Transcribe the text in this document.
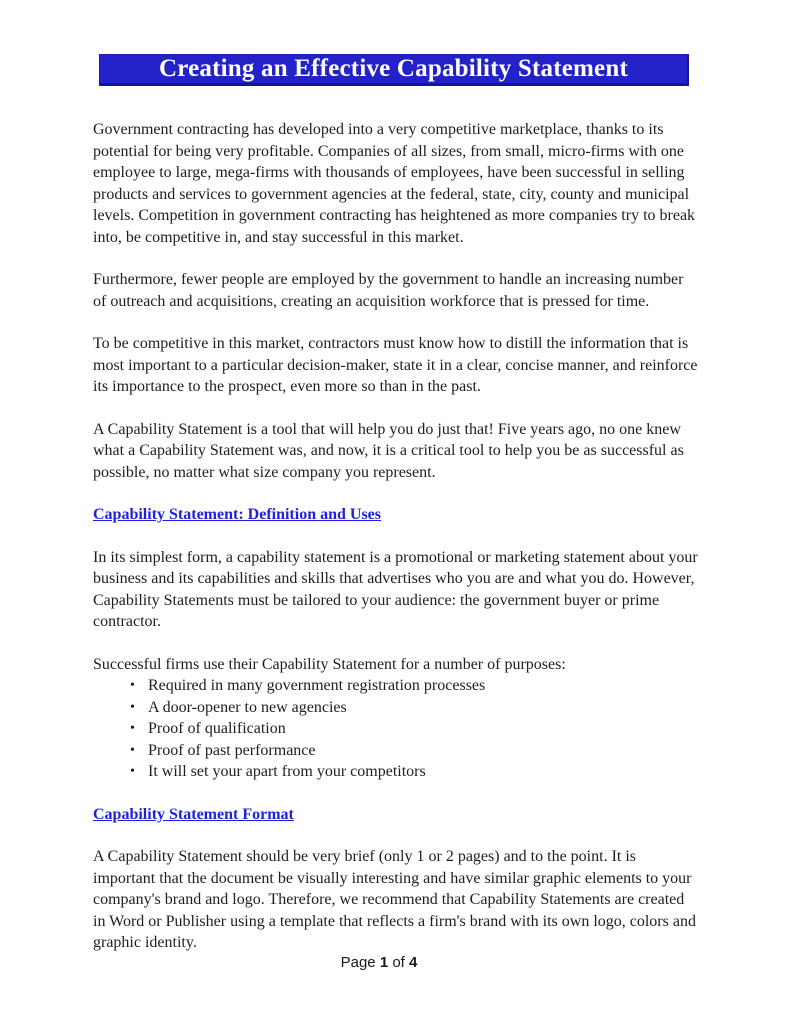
Creating an Effective Capability Statement

Government contracting has developed into a very competitive marketplace, thanks to its potential for being very profitable. Companies of all sizes, from small, micro-firms with one employee to large, mega-firms with thousands of employees, have been successful in selling products and services to government agencies at the federal, state, city, county and municipal levels. Competition in government contracting has heightened as more companies try to break into, be competitive in, and stay successful in this market.

Furthermore, fewer people are employed by the government to handle an increasing number of outreach and acquisitions, creating an acquisition workforce that is pressed for time.

To be competitive in this market, contractors must know how to distill the information that is most important to a particular decision-maker, state it in a clear, concise manner, and reinforce its importance to the prospect, even more so than in the past.

A Capability Statement is a tool that will help you do just that! Five years ago, no one knew what a Capability Statement was, and now, it is a critical tool to help you be as successful as possible, no matter what size company you represent.

Capability Statement: Definition and Uses

In its simplest form, a capability statement is a promotional or marketing statement about your business and its capabilities and skills that advertises who you are and what you do. However, Capability Statements must be tailored to your audience: the government buyer or prime contractor.

Successful firms use their Capability Statement for a number of purposes:

• Required in many government registration processes
• A door-opener to new agencies
• Proof of qualification
• Proof of past performance
• It will set your apart from your competitors
Capability Statement Format

A Capability Statement should be very brief (only 1 or 2 pages) and to the point. It is important that the document be visually interesting and have similar graphic elements to your company's brand and logo. Therefore, we recommend that Capability Statements are created in Word or Publisher using a template that reflects a firm's brand with its own logo, colors and graphic identity.

Page 1 of 4
